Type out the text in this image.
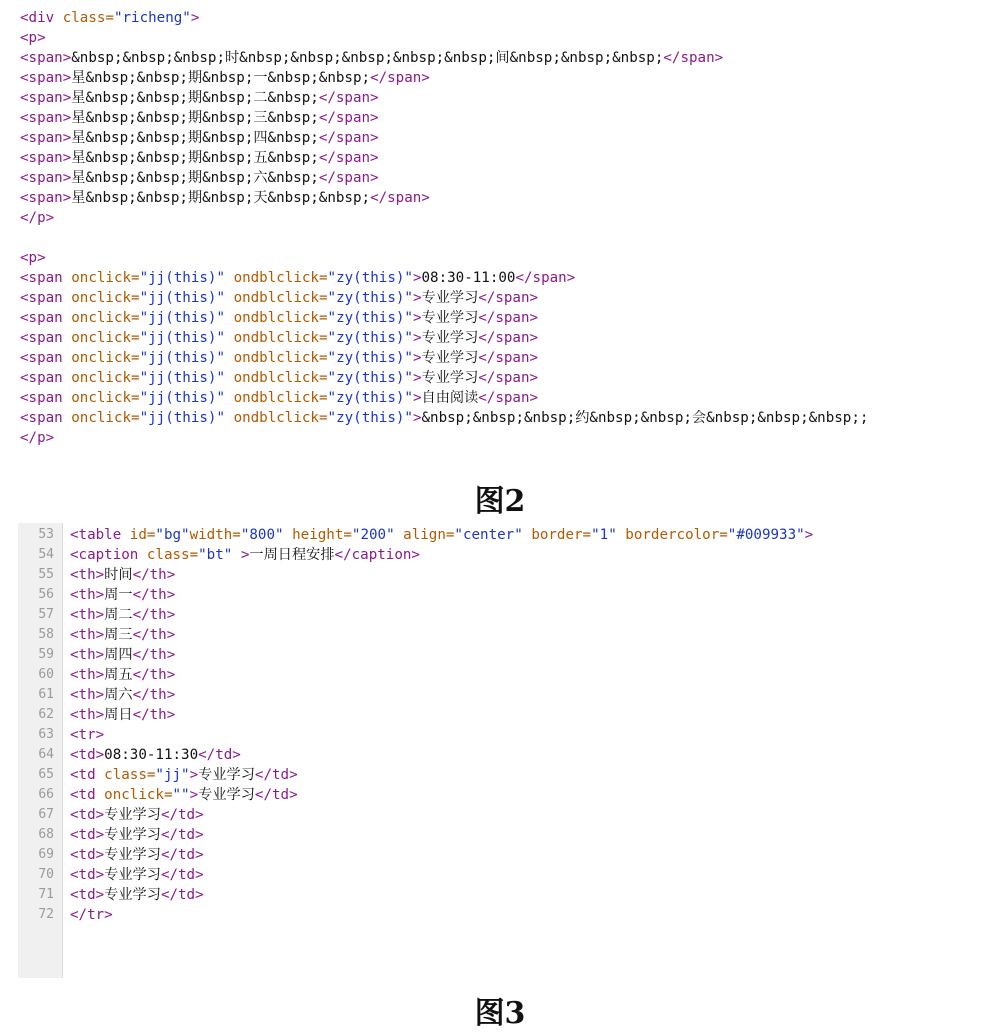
<div class="richeng">
<p>
<span>&nbsp;&nbsp;&nbsp;时&nbsp;&nbsp;&nbsp;&nbsp;&nbsp;间&nbsp;&nbsp;&nbsp;</span>
<span>星&nbsp;&nbsp;期&nbsp;一&nbsp;&nbsp;</span>
<span>星&nbsp;&nbsp;期&nbsp;二&nbsp;</span>
<span>星&nbsp;&nbsp;期&nbsp;三&nbsp;</span>
<span>星&nbsp;&nbsp;期&nbsp;四&nbsp;</span>
<span>星&nbsp;&nbsp;期&nbsp;五&nbsp;</span>
<span>星&nbsp;&nbsp;期&nbsp;六&nbsp;</span>
<span>星&nbsp;&nbsp;期&nbsp;天&nbsp;&nbsp;</span>
</p>
<p>
<span onclick="jj(this)" ondblclick="zy(this)">08:30-11:00</span>
<span onclick="jj(this)" ondblclick="zy(this)">专业学习</span>
<span onclick="jj(this)" ondblclick="zy(this)">专业学习</span>
<span onclick="jj(this)" ondblclick="zy(this)">专业学习</span>
<span onclick="jj(this)" ondblclick="zy(this)">专业学习</span>
<span onclick="jj(this)" ondblclick="zy(this)">专业学习</span>
<span onclick="jj(this)" ondblclick="zy(this)">自由阅读</span>
<span onclick="jj(this)" ondblclick="zy(this)">&nbsp;&nbsp;&nbsp;约&nbsp;&nbsp;会&nbsp;&nbsp;&nbsp;;
</p>
图2

53 <table id="bg"width="800" height="200" align="center" border="1" bordercolor="#009933">
54 <caption class="bt" >一周日程安排</caption>
55 <th>时间</th>
56 <th>周一</th>
57 <th>周二</th>
58 <th>周三</th>
59 <th>周四</th>
60 <th>周五</th>
61 <th>周六</th>
62 <th>周日</th>
63 <tr>
64 <td>08:30-11:30</td>
65 <td class="jj">专业学习</td>
66 <td onclick="">专业学习</td>
67 <td>专业学习</td>
68 <td>专业学习</td>
69 <td>专业学习</td>
70 <td>专业学习</td>
71 <td>专业学习</td>
72 </tr>

图3
